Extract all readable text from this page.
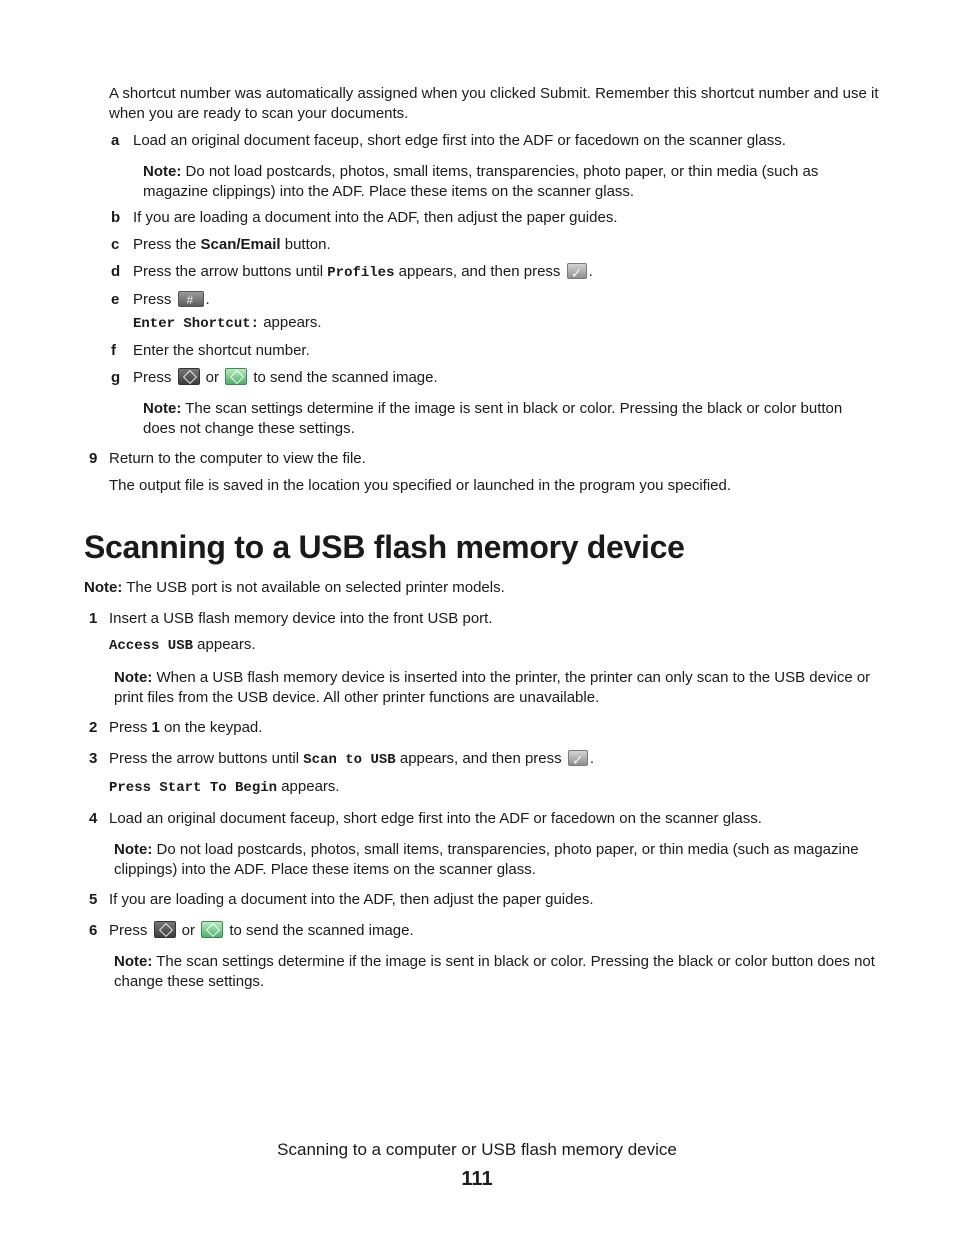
A shortcut number was automatically assigned when you clicked Submit. Remember this shortcut number and use it when you are ready to scan your documents.
a Load an original document faceup, short edge first into the ADF or facedown on the scanner glass.
Note: Do not load postcards, photos, small items, transparencies, photo paper, or thin media (such as magazine clippings) into the ADF. Place these items on the scanner glass.
b If you are loading a document into the ADF, then adjust the paper guides.
c Press the Scan/Email button.
d Press the arrow buttons until Profiles appears, and then press ✓.
e Press #.
Enter Shortcut: appears.
f Enter the shortcut number.
g Press  or  to send the scanned image.
Note: The scan settings determine if the image is sent in black or color. Pressing the black or color button does not change these settings.
9 Return to the computer to view the file.
The output file is saved in the location you specified or launched in the program you specified.
Scanning to a USB flash memory device
Note: The USB port is not available on selected printer models.
1 Insert a USB flash memory device into the front USB port.
Access USB appears.
Note: When a USB flash memory device is inserted into the printer, the printer can only scan to the USB device or print files from the USB device. All other printer functions are unavailable.
2 Press 1 on the keypad.
3 Press the arrow buttons until Scan to USB appears, and then press ✓.
Press Start To Begin appears.
4 Load an original document faceup, short edge first into the ADF or facedown on the scanner glass.
Note: Do not load postcards, photos, small items, transparencies, photo paper, or thin media (such as magazine clippings) into the ADF. Place these items on the scanner glass.
5 If you are loading a document into the ADF, then adjust the paper guides.
6 Press  or  to send the scanned image.
Note: The scan settings determine if the image is sent in black or color. Pressing the black or color button does not change these settings.
Scanning to a computer or USB flash memory device
111
